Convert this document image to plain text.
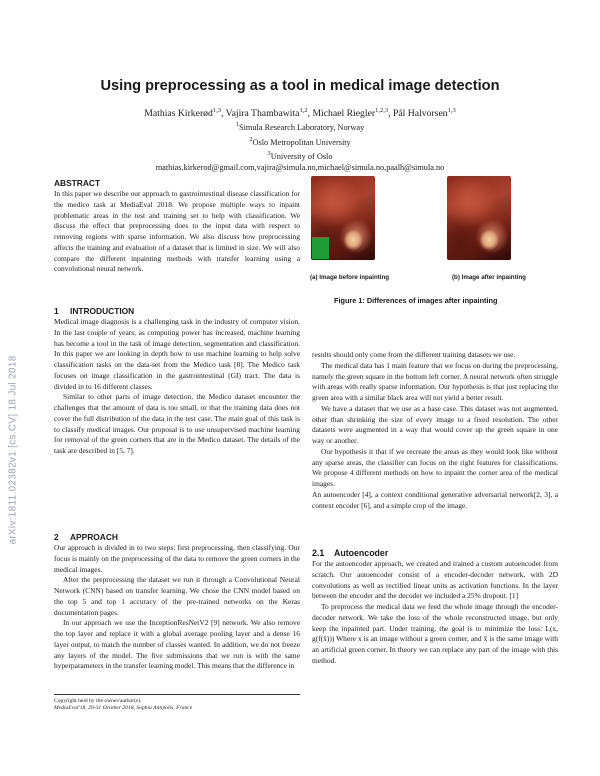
arXiv:1811.02382v1 [cs.CV] 18 Jul 2018
Using preprocessing as a tool in medical image detection
Mathias Kirkerød$^{1,3}$, Vajira Thambawita$^{1,2}$, Michael Riegler$^{1,2,3}$, Pål Halvorsen$^{1,3}$
$^1$Simula Research Laboratory, Norway
$^2$Oslo Metropolitan University
$^3$University of Oslo
mathias.kirkerod@gmail.com,vajira@simula.no,michael@simula.no,paalh@simula.no
ABSTRACT

In this paper we describe our approach to gastrointestinal disease classification for the medico task at MediaEval 2018. We propose multiple ways to inpaint problematic areas in the test and training set to help with classification. We discuss the effect that preprocessing does to the input data with respect to removing regions with sparse information. We also discuss how preprocessing affects the training and evaluation of a dataset that is limited in size. We will also compare the different inpainting methods with transfer learning using a convolutional neural network.

1 INTRODUCTION

Medical image diagnosis is a challenging task in the industry of computer vision. In the last couple of years, as computing power has increased, machine learning has become a tool in the task of image detection, segmentation and classification. In this paper we are looking in depth how to use machine learning to help solve classification tasks on the data-set from the Medico task [8]. The Medico task focuses on image classification in the gastrointestinal (GI) tract. The data is divided in to 16 different classes.

Similar to other parts of image detection, the Medico dataset encounter the challenges that the amount of data is too small, or that the training data does not cover the full distribution of the data in the test case. The main goal of this task is to classify medical images. Our proposal is to use unsupervised machine learning for removal of the green corners that are in the Medico dataset. The details of the task are described in [5, 7].

2 APPROACH

Our approach is divided in to two steps: first preprocessing, then classifying. Our focus is mainly on the preprocessing of the data to remove the green corners in the medical images.

After the preprocessing the dataset we run it through a Convolutional Neural Network (CNN) based on transfer learning. We chose the CNN model based on the top 5 and top 1 accuracy of the pre-trained networks on the Keras documentation pages.

In our approach we use the InceptionResNetV2 [9] network. We also remove the top layer and replace it with a global average pooling layer and a dense 16 layer output, to match the number of classes wanted. In addition, we do not freeze any layers of the model. The five submissions that we run is with the same hyperparameters in the transfer learning model. This means that the difference in

Copyright held by the owner/author(s).
MediaEval'18, 29-31 October 2018, Sophia Antipolis, France
(a) Image before inpainting	(b) Image after inpainting
Figure 1: Differences of images after inpainting

results should only come from the different training datasets we use.

The medical data has 1 main feature that we focus on during the preprocessing, namely the green square in the bottom left corner. A neural network often struggle with areas with really sparse information. Our hypothesis is that just replacing the green area with a similar black area will not yield a better result.

We have a dataset that we use as a base case. This dataset was not augmented, other than shrinking the size of every image to a fixed resolution. The other datasets were augmented in a way that would cover up the green square in one way or another.

Our hypothesis it that if we recreate the areas as they would look like without any sparse areas, the classifier can focus on the right features for classifications. We propose 4 different methods on how to inpaint the corner area of the medical images.

An autoencoder [4], a context conditional generative adversarial network[2, 3], a context encoder [6], and a simple crop of the image.

2.1 Autoencoder

For the autoencoder approach, we created and trained a custom autoencoder from scratch. Our autoencoder consist of a encoder-decoder network, with 2D convolutions as well as rectified linear units as activation functions. In the layer between the encoder and the decoder we included a 25% dropout. [1]

To preprocess the medical data we feed the whole image through the encoder-decoder network. We take the loss of the whole reconstructed image, but only keep the inpainted part. Under training, the goal is to minimize the loss: L(x, g(f(x̃))) Where x is an image without a green corner, and x̃ is the same image with an artificial green corner. In theory we can replace any part of the image with this method.
